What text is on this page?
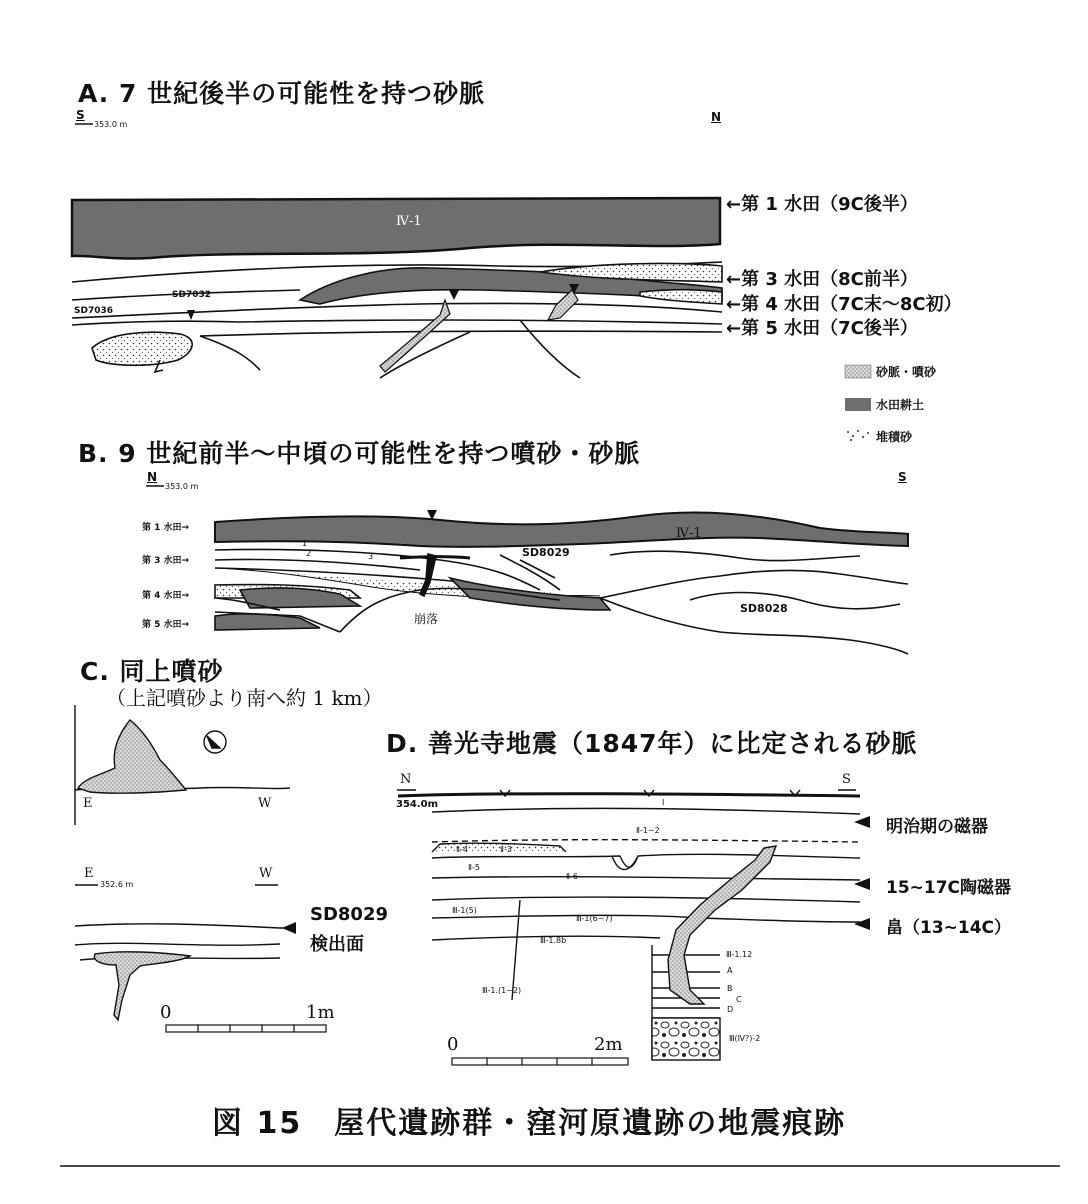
A. 7 世紀後半の可能性を持つ砂脈
S
353.0 m
N
Ⅳ-1
SD7032
SD7036
←第 1 水田（9C後半）
←第 3 水田（8C前半）
←第 4 水田（7C末～8C初）
←第 5 水田（7C後半）
砂脈・噴砂
水田耕土
堆積砂
B. 9 世紀前半～中頃の可能性を持つ噴砂・砂脈
N
353.0 m
S
第 1 水田→
第 3 水田→
第 4 水田→
第 5 水田→
Ⅳ-1
SD8029
SD8028
崩落
1
2	3
C. 同上噴砂
（上記噴砂より南へ約 1 km）
E	W
E
352.6 m
W
SD8029
検出面
0	1m
D. 善光寺地震（1847年）に比定される砂脈
N	S
354.0m	Ⅰ
Ⅱ-1~2
Ⅱ-4	Ⅱ-3
Ⅱ-5
Ⅱ-6
Ⅲ-1(5)
Ⅲ-1(6~7)
Ⅲ-1.8b
Ⅲ-1.(1~2)
Ⅲ-1.12
A
B
C
D
Ⅲ(Ⅳ?)-2
明治期の磁器
15~17C陶磁器
畠（13~14C）
0	2m
図 15　屋代遺跡群・窪河原遺跡の地震痕跡
